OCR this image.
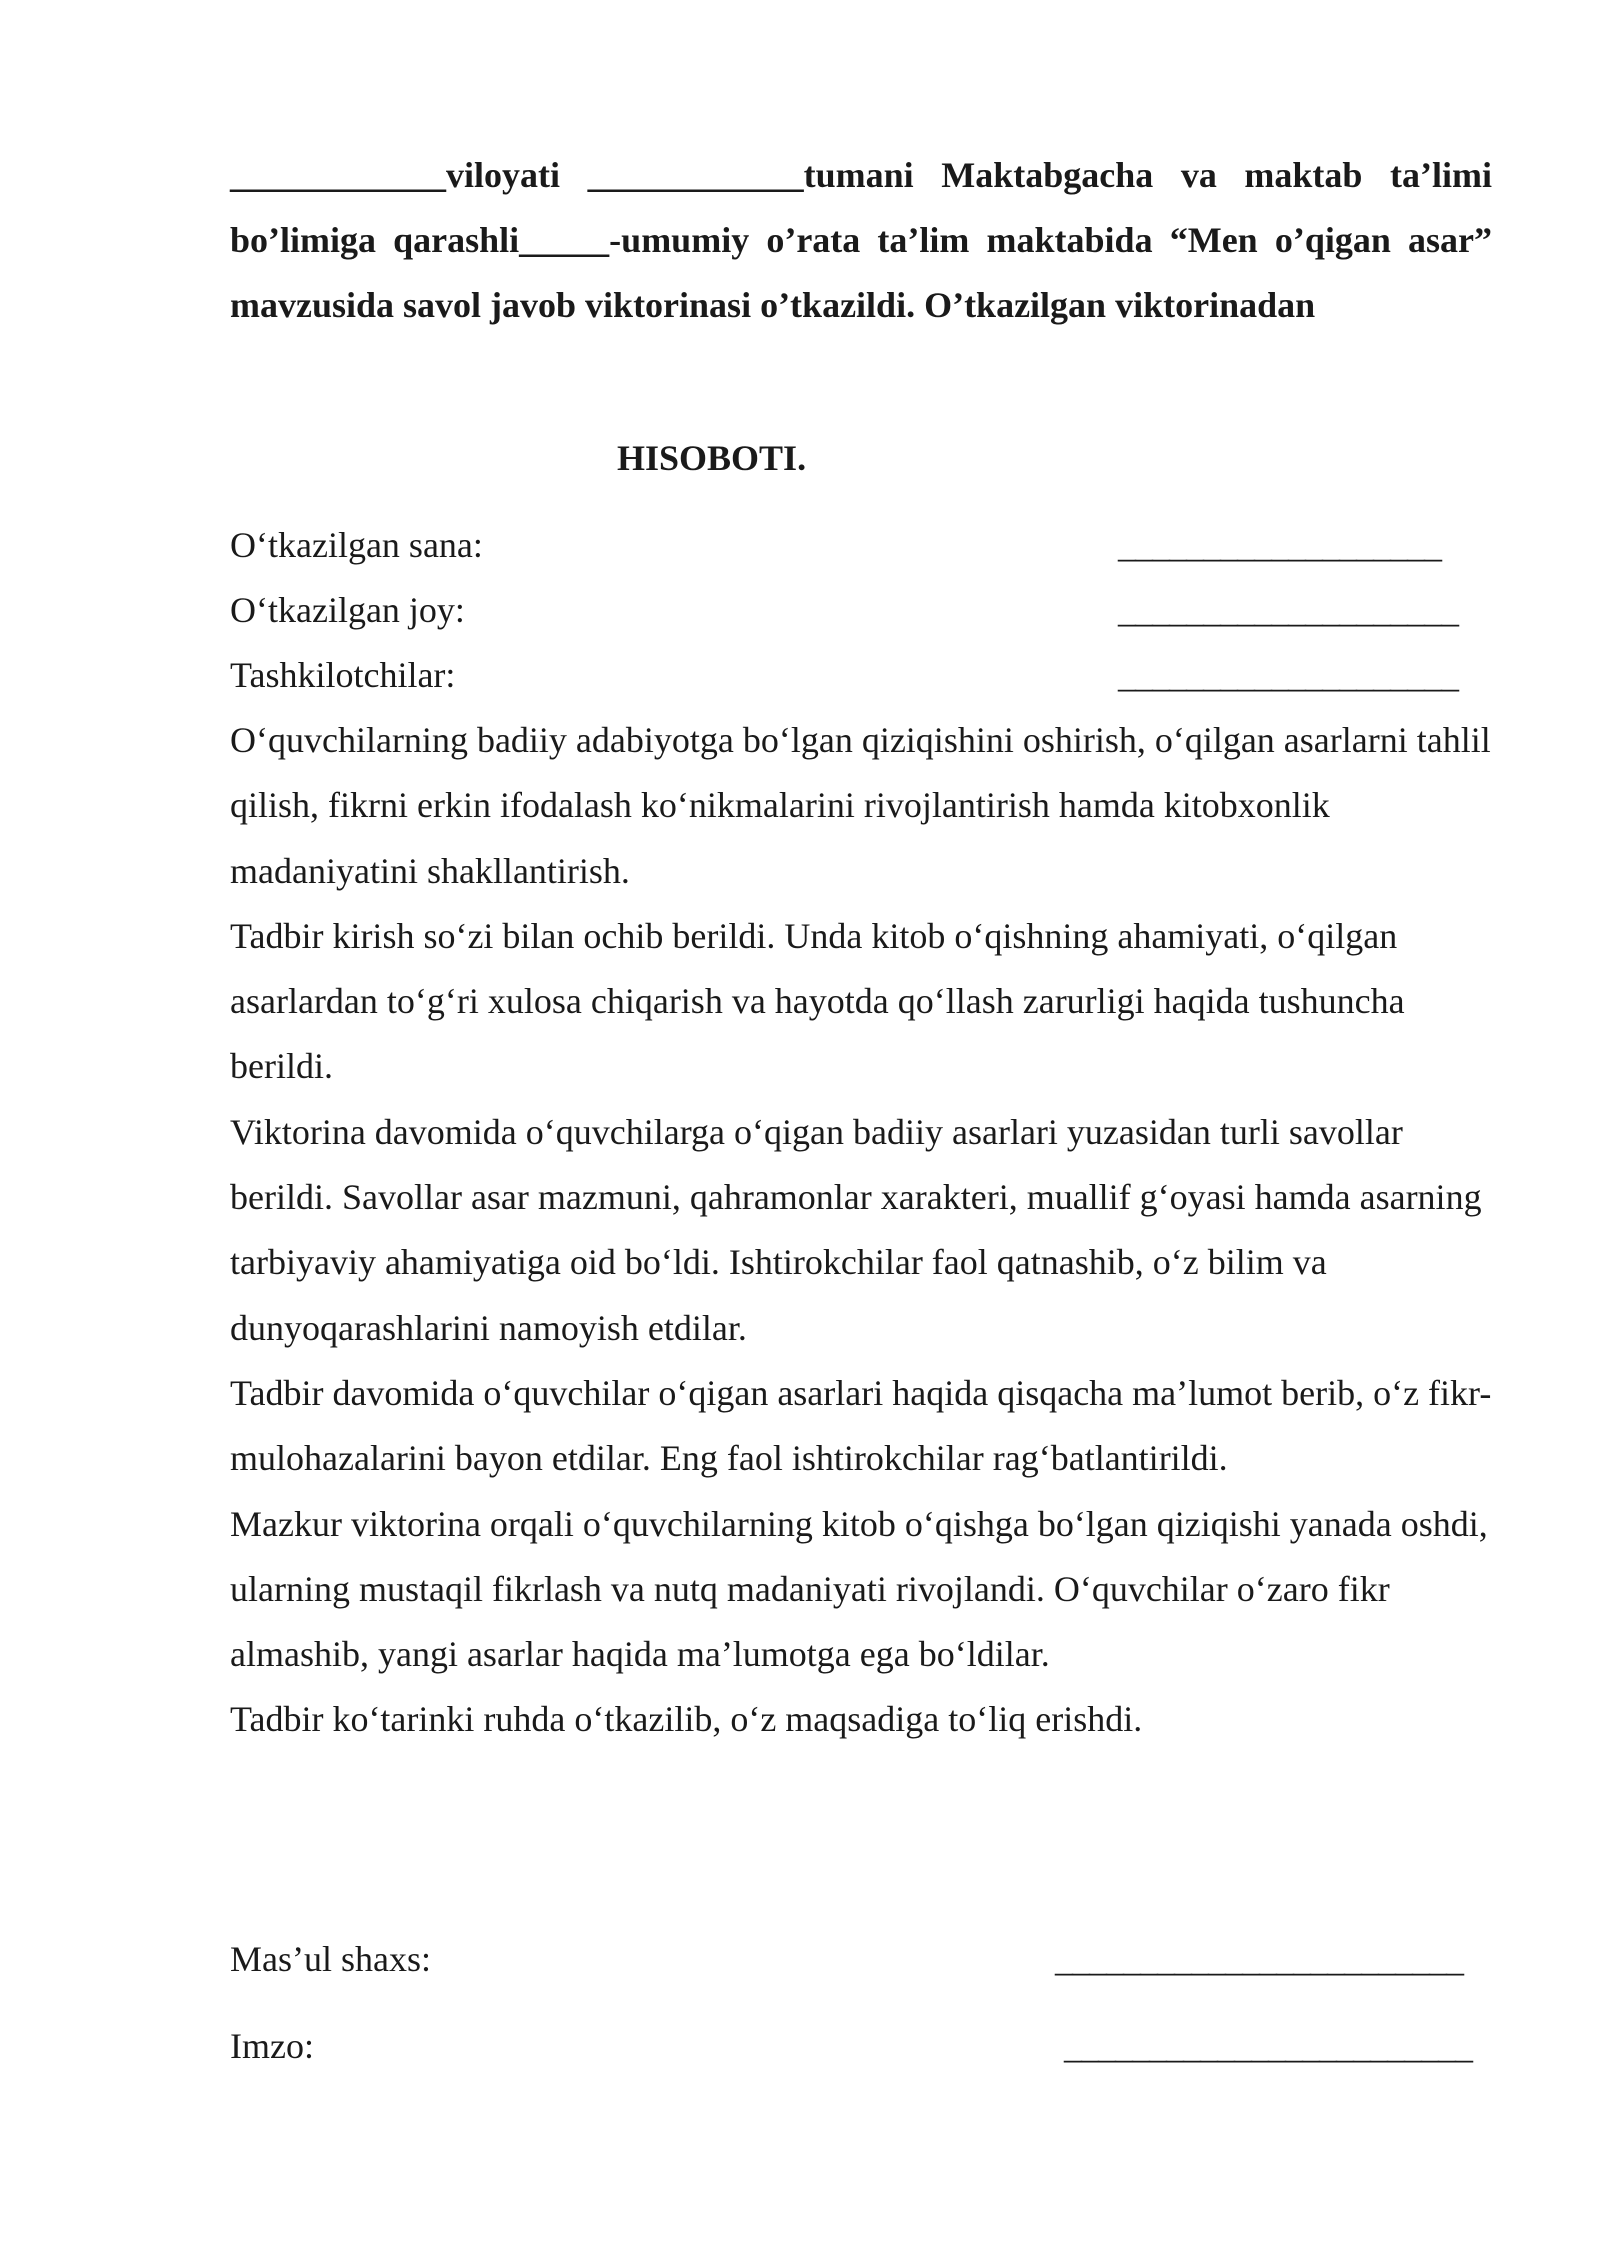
____________viloyati ____________tumani Maktabgacha va maktab ta’limi
bo’limiga qarashli_____-umumiy o’rata ta’lim maktabida “Men o’qigan asar”
mavzusida savol javob viktorinasi o’tkazildi. O’tkazilgan viktorinadan
HISOBOTI.
O‘tkazilgan sana:	___________________
O‘tkazilgan joy:	____________________
Tashkilotchilar:	____________________

O‘quvchilarning badiiy adabiyotga bo‘lgan qiziqishini oshirish, o‘qilgan asarlarni tahlil qilish, fikrni erkin ifodalash ko‘nikmalarini rivojlantirish hamda kitobxonlik madaniyatini shakllantirish.

Tadbir kirish so‘zi bilan ochib berildi. Unda kitob o‘qishning ahamiyati, o‘qilgan asarlardan to‘g‘ri xulosa chiqarish va hayotda qo‘llash zarurligi haqida tushuncha berildi.

Viktorina davomida o‘quvchilarga o‘qigan badiiy asarlari yuzasidan turli savollar berildi. Savollar asar mazmuni, qahramonlar xarakteri, muallif g‘oyasi hamda asarning tarbiyaviy ahamiyatiga oid bo‘ldi. Ishtirokchilar faol qatnashib, o‘z bilim va dunyoqarashlarini namoyish etdilar.

Tadbir davomida o‘quvchilar o‘qigan asarlari haqida qisqacha ma’lumot berib, o‘z fikr-mulohazalarini bayon etdilar. Eng faol ishtirokchilar rag‘batlantirildi.

Mazkur viktorina orqali o‘quvchilarning kitob o‘qishga bo‘lgan qiziqishi yanada oshdi, ularning mustaqil fikrlash va nutq madaniyati rivojlandi. O‘quvchilar o‘zaro fikr almashib, yangi asarlar haqida ma’lumotga ega bo‘ldilar.

Tadbir ko‘tarinki ruhda o‘tkazilib, o‘z maqsadiga to‘liq erishdi.

Mas’ul shaxs:	________________________
Imzo:	________________________
